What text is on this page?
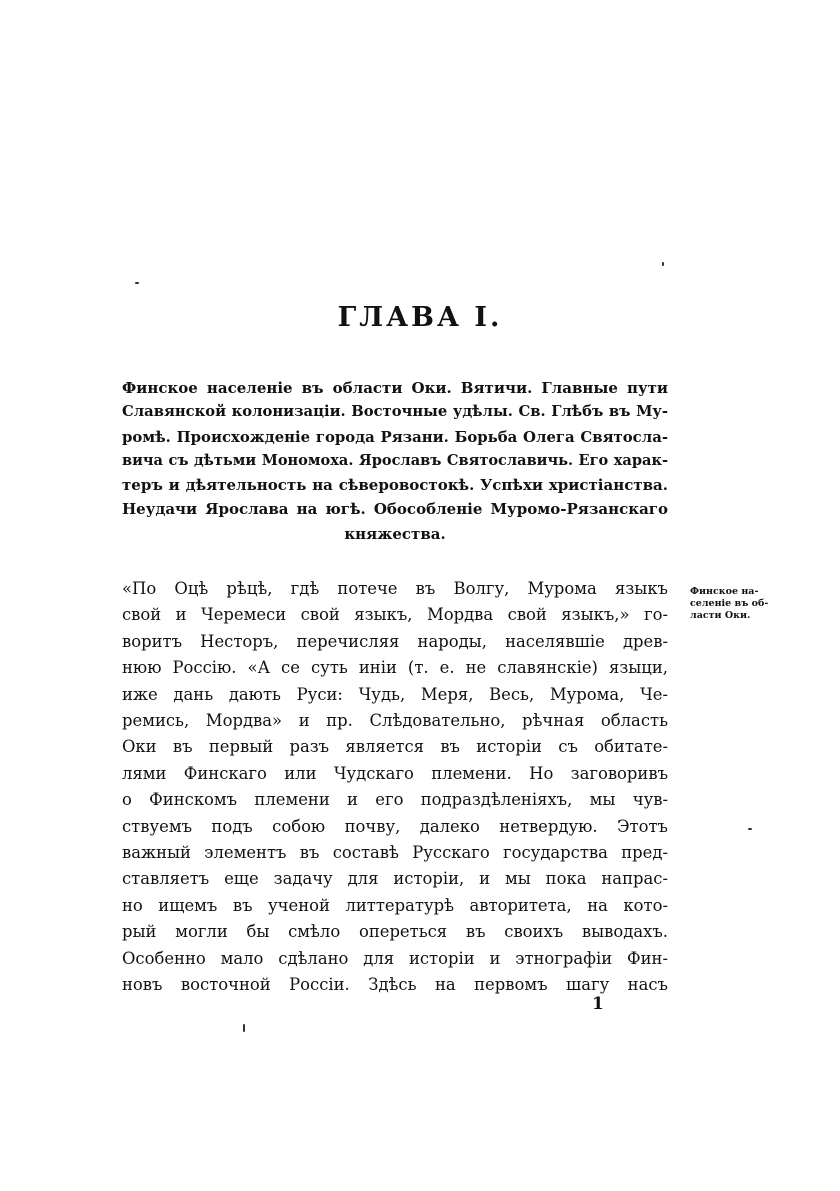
ГЛАВА I.
Финское населеніе въ области Оки. Вятичи. Главные пути
Славянской колонизаціи. Восточные удѣлы. Св. Глѣбъ въ Му-
ромѣ. Происхожденіе города Рязани. Борьба Олега Святосла-
вича съ дѣтьми Мономоха. Ярославъ Святославичь. Его харак-
теръ и дѣятельность на сѣверовостокѣ. Успѣхи христіанства.
Неудачи Ярослава на югѣ. Обособленіе Муромо-Рязанскаго
княжества.
«По Оцѣ рѣцѣ, гдѣ потече въ Волгу, Мурома языкъ
свой и Черемеси свой языкъ, Мордва свой языкъ,» го-
воритъ Несторъ, перечисляя народы, населявшіе древ-
нюю Россію. «А се суть иніи (т. е. не славянскіе) языци,
иже дань дають Руси: Чудь, Меря, Весь, Мурома, Че-
ремись, Мордва» и пр. Слѣдовательно, рѣчная область
Оки въ первый разъ является въ исторіи съ обитате-
лями Финскаго или Чудскаго племени. Но заговоривъ
о Финскомъ племени и его подраздѣленіяхъ, мы чув-
ствуемъ подъ собою почву, далеко нетвердую. Этотъ
важный элементъ въ составѣ Русскаго государства пред-
ставляетъ еще задачу для исторіи, и мы пока напрас-
но ищемъ въ ученой литтературѣ авторитета, на кото-
рый могли бы смѣло опереться въ своихъ выводахъ.
Особенно мало сдѣлано для исторіи и этнографіи Фин-
новъ восточной Россіи. Здѣсь на первомъ шагу насъ
Финское на-
селеніе въ об-
ласти Оки.
1
